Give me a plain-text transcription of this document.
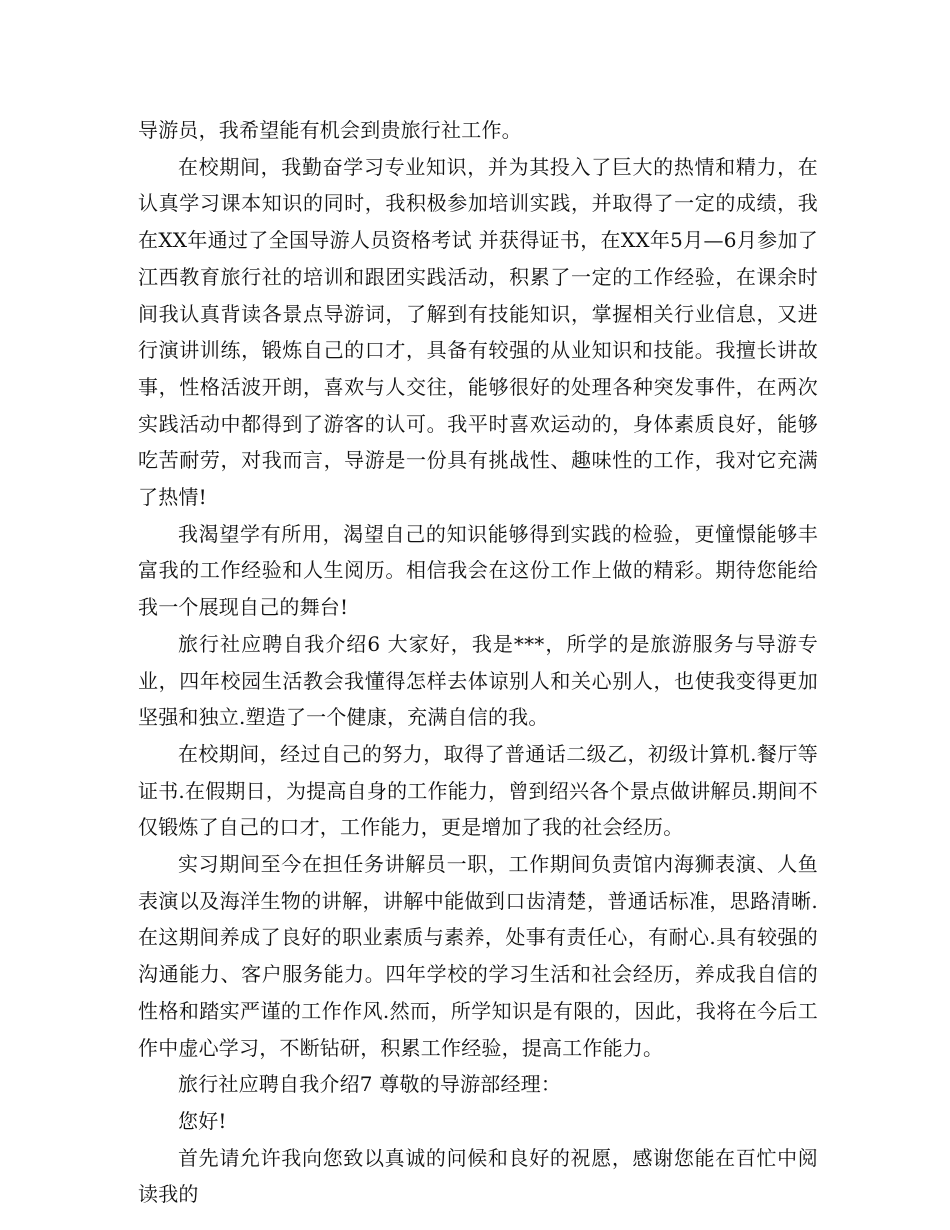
导游员，我希望能有机会到贵旅行社工作。

在校期间，我勤奋学习专业知识，并为其投入了巨大的热情和精力，在认真学习课本知识的同时，我积极参加培训实践，并取得了一定的成绩，我在XX年通过了全国导游人员资格考试 并获得证书，在XX年5月—6月参加了江西教育旅行社的培训和跟团实践活动，积累了一定的工作经验，在课余时间我认真背读各景点导游词，了解到有技能知识，掌握相关行业信息，又进行演讲训练，锻炼自己的口才，具备有较强的从业知识和技能。我擅长讲故事，性格活波开朗，喜欢与人交往，能够很好的处理各种突发事件，在两次实践活动中都得到了游客的认可。我平时喜欢运动的，身体素质良好，能够吃苦耐劳，对我而言，导游是一份具有挑战性、趣味性的工作，我对它充满了热情!

我渴望学有所用，渴望自己的知识能够得到实践的检验，更憧憬能够丰富我的工作经验和人生阅历。相信我会在这份工作上做的精彩。期待您能给我一个展现自己的舞台!

旅行社应聘自我介绍6 大家好，我是***，所学的是旅游服务与导游专业，四年校园生活教会我懂得怎样去体谅别人和关心别人，也使我变得更加坚强和独立.塑造了一个健康，充满自信的我。

在校期间，经过自己的努力，取得了普通话二级乙，初级计算机.餐厅等证书.在假期日，为提高自身的工作能力，曾到绍兴各个景点做讲解员.期间不仅锻炼了自己的口才，工作能力，更是增加了我的社会经历。

实习期间至今在担任务讲解员一职，工作期间负责馆内海狮表演、人鱼表演以及海洋生物的讲解，讲解中能做到口齿清楚，普通话标准，思路清晰.在这期间养成了良好的职业素质与素养，处事有责任心，有耐心.具有较强的沟通能力、客户服务能力。四年学校的学习生活和社会经历，养成我自信的性格和踏实严谨的工作作风.然而，所学知识是有限的，因此，我将在今后工作中虚心学习，不断钻研，积累工作经验，提高工作能力。

旅行社应聘自我介绍7 尊敬的导游部经理：

您好!

首先请允许我向您致以真诚的问候和良好的祝愿，感谢您能在百忙中阅读我的
